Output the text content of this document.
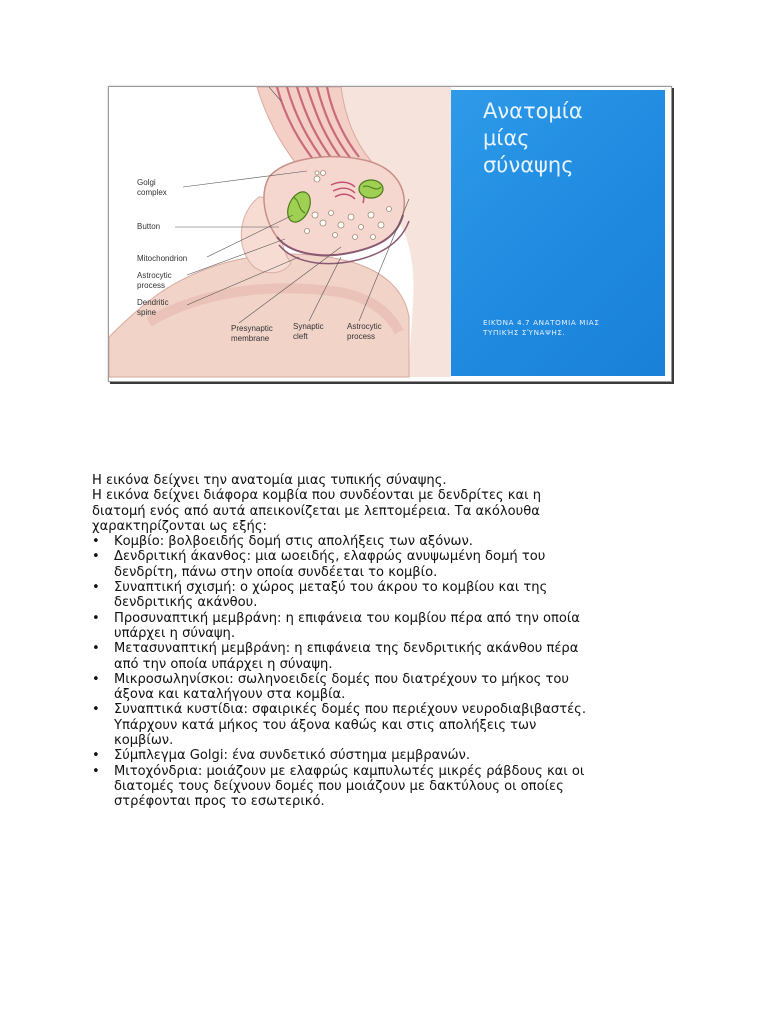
Golgi
complex
Button
Mitochondrion
Astrocytic
process
Dendritic
spine
Presynaptic
membrane
Synaptic
cleft
Astrocytic
process
Ανατομία
μίας
σύναψης
ΕΙΚΌΝΑ 4.7 ΑΝΑΤΟΜΙΑ ΜΙΑΣ
ΤΥΠΙΚΉΣ ΣΎΝΑΨΗΣ.

Η εικόνα δείχνει την ανατομία μιας τυπικής σύναψης.

Η εικόνα δείχνει διάφορα κομβία που συνδέονται με δενδρίτες και η

διατομή ενός από αυτά απεικονίζεται με λεπτομέρεια. Τα ακόλουθα

χαρακτηρίζονται ως εξής:

•	Κομβίο: βολβοειδής δομή στις απολήξεις των αξόνων.
•	Δενδριτική άκανθος: μια ωοειδής, ελαφρώς ανυψωμένη δομή του
δενδρίτη, πάνω στην οποία συνδέεται το κομβίο.
•	Συναπτική σχισμή: ο χώρος μεταξύ του άκρου το κομβίου και της
δενδριτικής ακάνθου.
•	Προσυναπτική μεμβράνη: η επιφάνεια του κομβίου πέρα από την οποία
υπάρχει η σύναψη.
•	Μετασυναπτική μεμβράνη: η επιφάνεια της δενδριτικής ακάνθου πέρα
από την οποία υπάρχει η σύναψη.
•	Μικροσωληνίσκοι: σωληνοειδείς δομές που διατρέχουν το μήκος του
άξονα και καταλήγουν στα κομβία.
•	Συναπτικά κυστίδια: σφαιρικές δομές που περιέχουν νευροδιαβιβαστές.
Υπάρχουν κατά μήκος του άξονα καθώς και στις απολήξεις των
κομβίων.
•	Σύμπλεγμα Golgi: ένα συνδετικό σύστημα μεμβρανών.
•	Μιτοχόνδρια: μοιάζουν με ελαφρώς καμπυλωτές μικρές ράβδους και οι
διατομές τους δείχνουν δομές που μοιάζουν με δακτύλους οι οποίες
στρέφονται προς το εσωτερικό.
